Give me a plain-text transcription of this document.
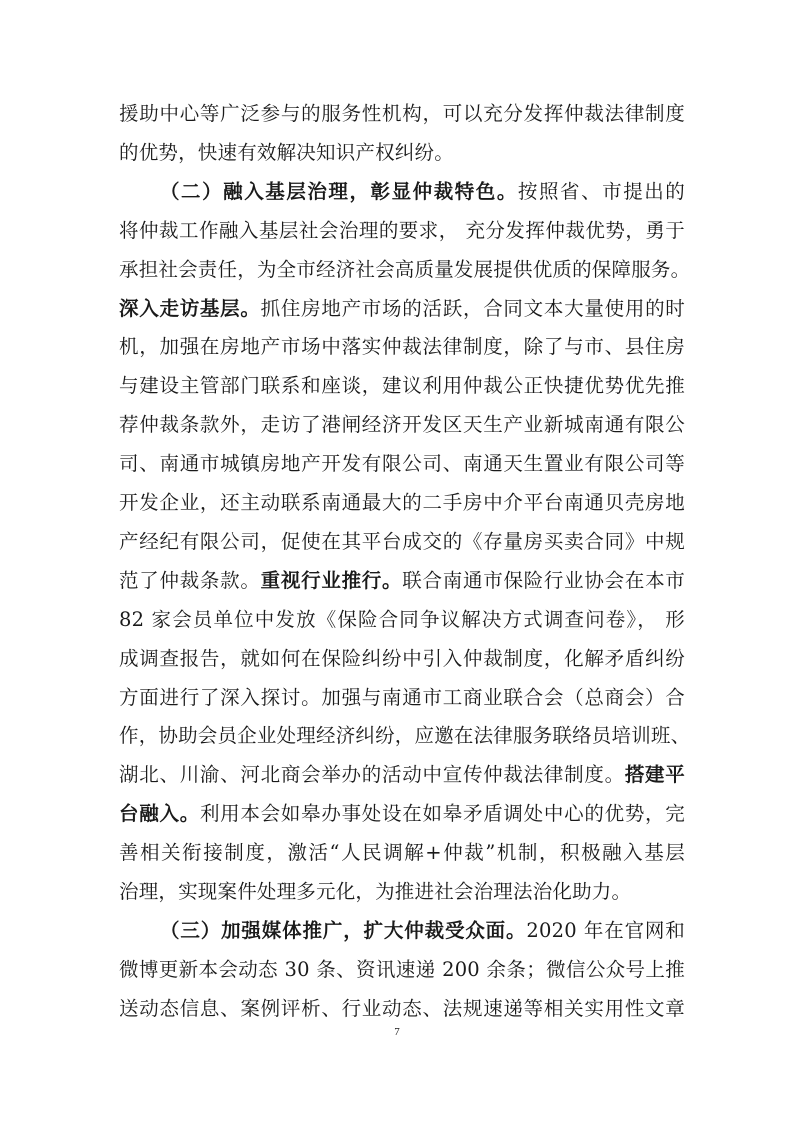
援助中心等广泛参与的服务性机构，可以充分发挥仲裁法律制度
的优势，快速有效解决知识产权纠纷。
（二）融入基层治理，彰显仲裁特色。按照省、市提出的
将仲裁工作融入基层社会治理的要求， 充分发挥仲裁优势，勇于
承担社会责任，为全市经济社会高质量发展提供优质的保障服务。
深入走访基层。抓住房地产市场的活跃，合同文本大量使用的时
机，加强在房地产市场中落实仲裁法律制度，除了与市、县住房
与建设主管部门联系和座谈，建议利用仲裁公正快捷优势优先推
荐仲裁条款外，走访了港闸经济开发区天生产业新城南通有限公
司、南通市城镇房地产开发有限公司、南通天生置业有限公司等
开发企业，还主动联系南通最大的二手房中介平台南通贝壳房地
产经纪有限公司，促使在其平台成交的《存量房买卖合同》中规
范了仲裁条款。重视行业推行。联合南通市保险行业协会在本市
82 家会员单位中发放《保险合同争议解决方式调查问卷》， 形
成调查报告，就如何在保险纠纷中引入仲裁制度，化解矛盾纠纷
方面进行了深入探讨。加强与南通市工商业联合会（总商会）合
作，协助会员企业处理经济纠纷，应邀在法律服务联络员培训班、
湖北、川渝、河北商会举办的活动中宣传仲裁法律制度。搭建平
台融入。利用本会如皋办事处设在如皋矛盾调处中心的优势，完
善相关衔接制度，激活“人民调解+仲裁”机制，积极融入基层
治理，实现案件处理多元化，为推进社会治理法治化助力。
（三）加强媒体推广，扩大仲裁受众面。2020 年在官网和
微博更新本会动态 30 条、资讯速递 200 余条；微信公众号上推
送动态信息、案例评析、行业动态、法规速递等相关实用性文章
7
